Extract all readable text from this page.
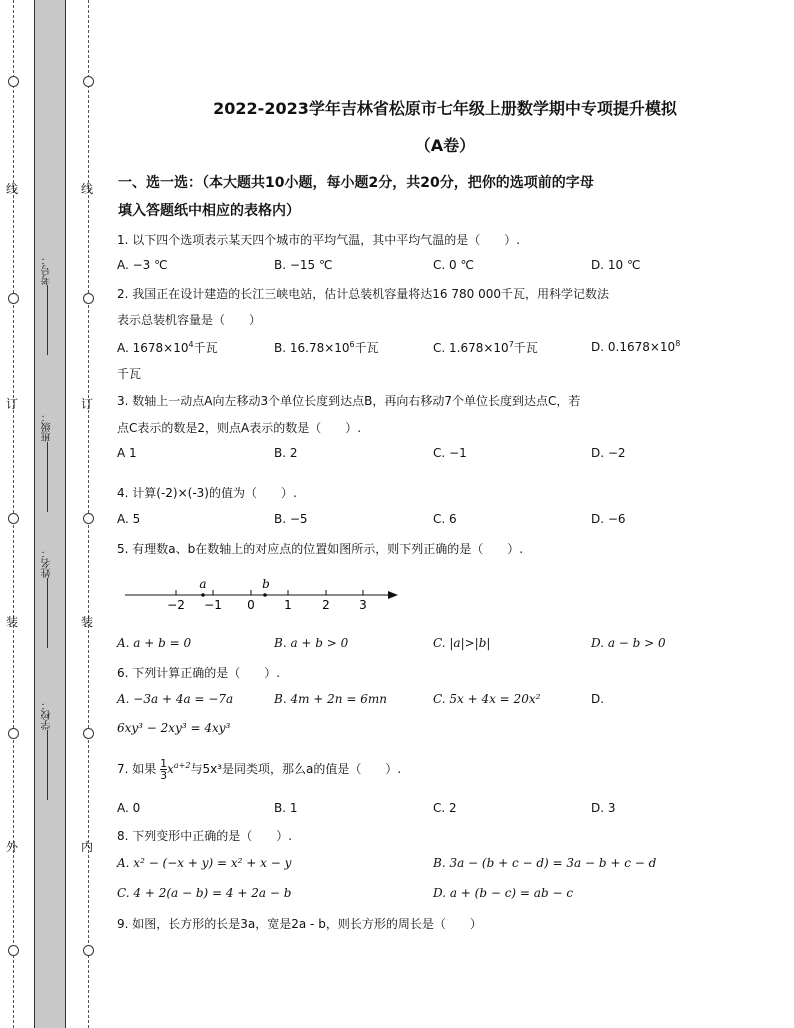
线
订
装
外
线
订
装
内
考号：
班级：
姓名：
学校：
2022-2023学年吉林省松原市七年级上册数学期中专项提升模拟
（A卷）
一、选一选：（本大题共10小题，每小题2分，共20分，把你的选项前的字母
填入答题纸中相应的表格内）
1. 以下四个选项表示某天四个城市的平均气温，其中平均气温的是（　　）.
A. −3 ℃	B. −15 ℃	C. 0 ℃	D. 10 ℃
2. 我国正在设计建造的长江三峡电站，估计总装机容量将达16 780 000千瓦，用科学记数法
表示总装机容量是（　　）
A. $1678\times 10^4$千瓦	B. $16.78\times 10^6$千瓦	C. $1.678\times 10^7$千瓦	D. $0.1678\times 10^8$
千瓦
3. 数轴上一动点A向左移动3个单位长度到达点B，再向右移动7个单位长度到达点C，若
点C表示的数是2，则点A表示的数是（　　）.
A 1	B. 2	C. −1	D. −2
4. 计算(-2)×(-3)的值为（　　）.
A. 5	B. −5	C. 6	D. −6
5. 有理数a、b在数轴上的对应点的位置如图所示，则下列正确的是（　　）.
−2 −1 0 1	2 3
a	b
A. a + b = 0	B. a + b > 0	C. |a|>|b|	D. a − b > 0
6. 下列计算正确的是（　　）.
A. −3a + 4a = −7a	B. 4m + 2n = 6mn	C. 5x + 4x = 20x²	D.
6xy³ − 2xy³ = 4xy³
7. 如果 $\frac{1}{3} x^{a+2}$与5x³是同类项，那么a的值是（　　）.
A. 0	B. 1	C. 2	D. 3
8. 下列变形中正确的是（　　）.
A. x² − (−x + y) = x² + x − y	B. 3a − (b + c − d) = 3a − b + c − d
C. 4 + 2(a − b) = 4 + 2a − b	D. a + (b − c) = ab − c
9. 如图，长方形的长是3a，宽是2a - b，则长方形的周长是（　　）
